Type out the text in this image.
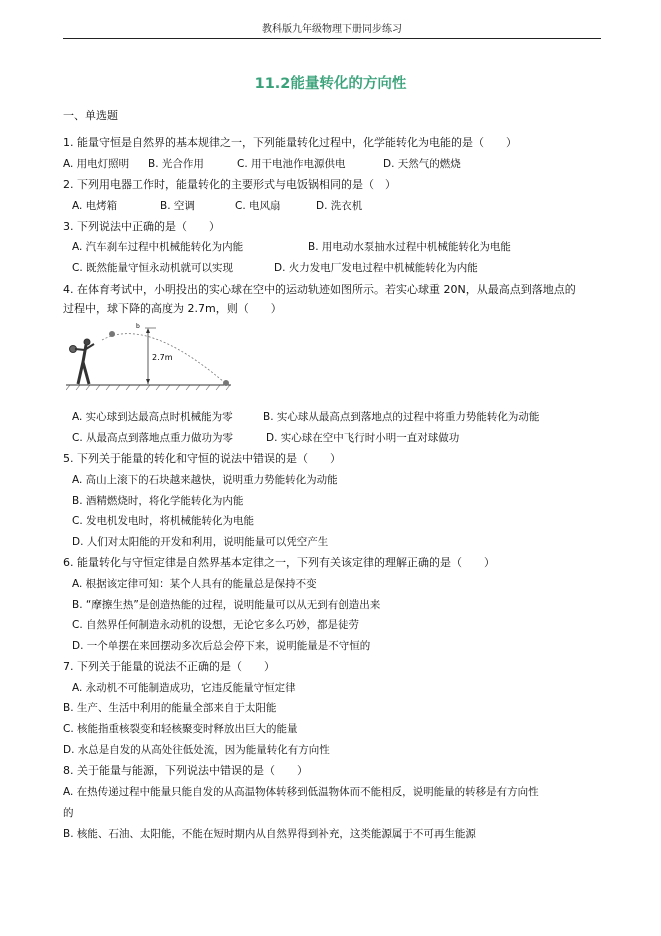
教科版九年级物理下册同步练习
11.2能量转化的方向性
一、单选题
1. 能量守恒是自然界的基本规律之一，下列能量转化过程中，化学能转化为电能的是（　　）
A. 用电灯照明 B. 光合作用	C. 用干电池作电源供电	D. 天然气的燃烧
2. 下列用电器工作时，能量转化的主要形式与电饭锅相同的是（　）
A. 电烤箱	B. 空调	C. 电风扇	D. 洗衣机
3. 下列说法中正确的是（　　）
A. 汽车刹车过程中机械能转化为内能	B. 用电动水泵抽水过程中机械能转化为电能
C. 既然能量守恒永动机就可以实现	D. 火力发电厂发电过程中机械能转化为内能
4. 在体育考试中，小明投出的实心球在空中的运动轨迹如图所示。若实心球重 20N，从最高点到落地点的
过程中，球下降的高度为 2.7m，则（　　）
b
2.7m
A. 实心球到达最高点时机械能为零	B. 实心球从最高点到落地点的过程中将重力势能转化为动能
C. 从最高点到落地点重力做功为零	D. 实心球在空中飞行时小明一直对球做功
5. 下列关于能量的转化和守恒的说法中错误的是（　　）
A. 高山上滚下的石块越来越快，说明重力势能转化为动能
B. 酒精燃烧时，将化学能转化为内能
C. 发电机发电时，将机械能转化为电能
D. 人们对太阳能的开发和利用，说明能量可以凭空产生
6. 能量转化与守恒定律是自然界基本定律之一，下列有关该定律的理解正确的是（　　）
A. 根据该定律可知：某个人具有的能量总是保持不变
B. “摩擦生热”是创造热能的过程，说明能量可以从无到有创造出来
C. 自然界任何制造永动机的设想，无论它多么巧妙，都是徒劳
D. 一个单摆在来回摆动多次后总会停下来，说明能量是不守恒的
7. 下列关于能量的说法不正确的是（　　）
A. 永动机不可能制造成功，它违反能量守恒定律
B. 生产、生活中利用的能量全部来自于太阳能
C. 核能指重核裂变和轻核聚变时释放出巨大的能量
D. 水总是自发的从高处往低处流，因为能量转化有方向性
8. 关于能量与能源，下列说法中错误的是（　　）
A. 在热传递过程中能量只能自发的从高温物体转移到低温物体而不能相反，说明能量的转移是有方向性
的
B. 核能、石油、太阳能，不能在短时期内从自然界得到补充，这类能源属于不可再生能源
